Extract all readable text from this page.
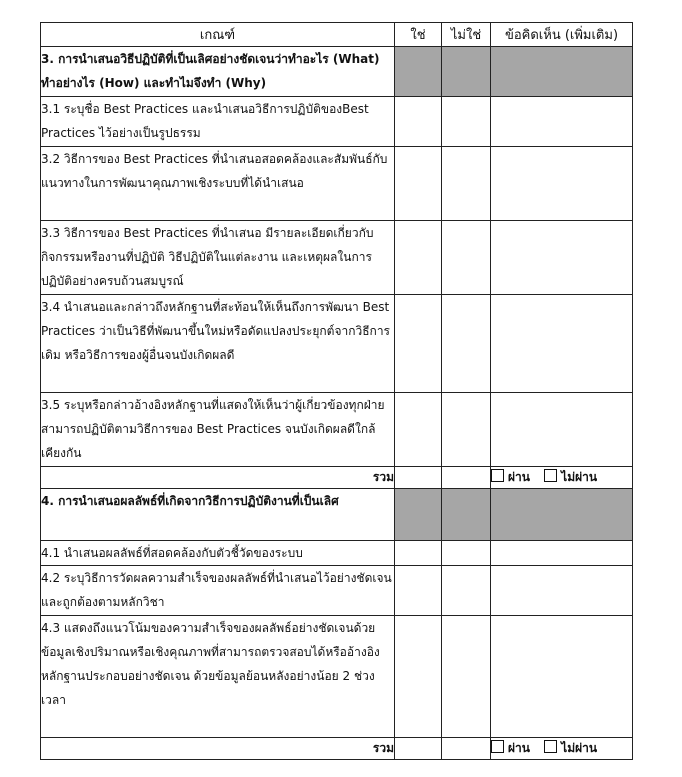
เกณฑ์	ใช่	ไม่ใช่	ข้อคิดเห็น (เพิ่มเติม)
3. การนำเสนอวิธีปฏิบัติที่เป็นเลิศอย่างชัดเจนว่าทำอะไร (What) ทำอย่างไร (How) และทำไมจึงทำ (Why)			
3.1 ระบุชื่อ Best Practices และนำเสนอวิธีการปฏิบัติของBest Practices ไว้อย่างเป็นรูปธรรม			
3.2 วิธีการของ Best Practices ที่นำเสนอสอดคล้องและสัมพันธ์กับแนวทางในการพัฒนาคุณภาพเชิงระบบที่ได้นำเสนอ			
3.3 วิธีการของ Best Practices ที่นำเสนอ มีรายละเอียดเกี่ยวกับกิจกรรมหรืองานที่ปฏิบัติ วิธีปฏิบัติในแต่ละงาน และเหตุผลในการปฏิบัติอย่างครบถ้วนสมบูรณ์			
3.4 นำเสนอและกล่าวถึงหลักฐานที่สะท้อนให้เห็นถึงการพัฒนา Best Practices ว่าเป็นวิธีที่พัฒนาขึ้นใหม่หรือดัดแปลงประยุกต์จากวิธีการเดิม หรือวิธีการของผู้อื่นจนบังเกิดผลดี			
3.5 ระบุหรือกล่าวอ้างอิงหลักฐานที่แสดงให้เห็นว่าผู้เกี่ยวข้องทุกฝ่ายสามารถปฏิบัติตามวิธีการของ Best Practices จนบังเกิดผลดีใกล้เคียงกัน			
รวม			ผ่าน ไม่ผ่าน
4. การนำเสนอผลลัพธ์ที่เกิดจากวิธีการปฏิบัติงานที่เป็นเลิศ			
4.1 นำเสนอผลลัพธ์ที่สอดคล้องกับตัวชี้วัดของระบบ			
4.2 ระบุวิธีการวัดผลความสำเร็จของผลลัพธ์ที่นำเสนอไว้อย่างชัดเจน และถูกต้องตามหลักวิชา			
4.3 แสดงถึงแนวโน้มของความสำเร็จของผลลัพธ์อย่างชัดเจนด้วยข้อมูลเชิงปริมาณหรือเชิงคุณภาพที่สามารถตรวจสอบได้หรืออ้างอิงหลักฐานประกอบอย่างชัดเจน ด้วยข้อมูลย้อนหลังอย่างน้อย 2 ช่วงเวลา			
รวม			ผ่าน ไม่ผ่าน
